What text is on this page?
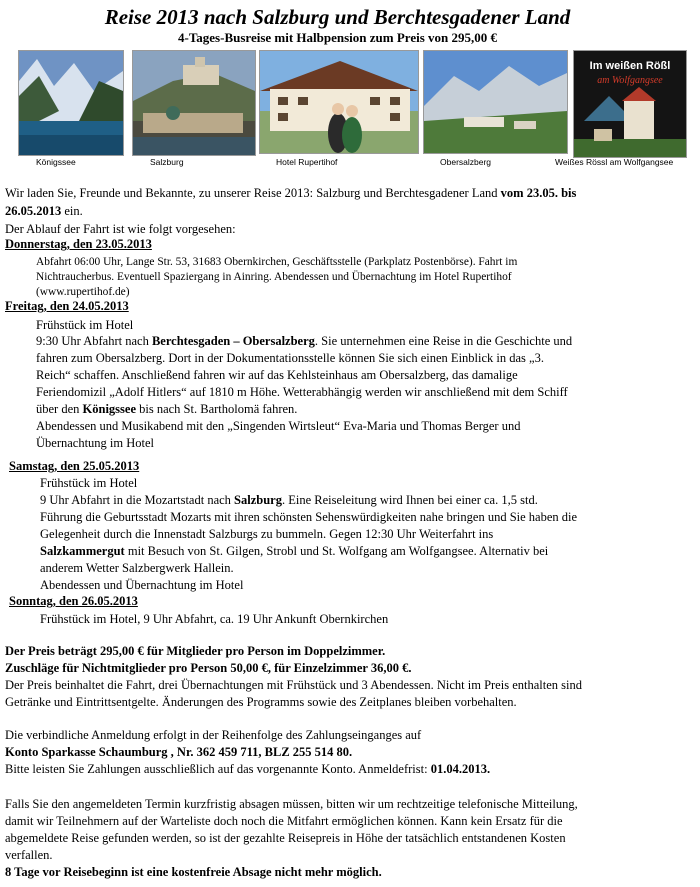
Reise 2013 nach Salzburg und Berchtesgadener Land
4-Tages-Busreise mit Halbpension zum Preis von 295,00 €
Im weißen Rößl
am Wolfgangsee
Königssee	Salzburg	Hotel Rupertihof	Obersalzberg	Weißes Rössl am Wolfgangsee
Wir laden Sie, Freunde und Bekannte, zu unserer Reise 2013: Salzburg und Berchtesgadener Land vom 23.05. bis
26.05.2013 ein.
Der Ablauf der Fahrt ist wie folgt vorgesehen:
Donnerstag, den 23.05.2013
Abfahrt 06:00 Uhr, Lange Str. 53, 31683 Obernkirchen, Geschäftsstelle (Parkplatz Postenbörse). Fahrt im
Nichtraucherbus. Eventuell Spaziergang in Ainring. Abendessen und Übernachtung im Hotel Rupertihof
(www.rupertihof.de)
Freitag, den 24.05.2013
Frühstück im Hotel
9:30 Uhr Abfahrt nach Berchtesgaden – Obersalzberg. Sie unternehmen eine Reise in die Geschichte und
fahren zum Obersalzberg. Dort in der Dokumentationsstelle können Sie sich einen Einblick in das „3.
Reich“ schaffen. Anschließend fahren wir auf das Kehlsteinhaus am Obersalzberg, das damalige
Feriendomizil „Adolf Hitlers“ auf 1810 m Höhe. Wetterabhängig werden wir anschließend mit dem Schiff
über den Königssee bis nach St. Bartholomä fahren.
Abendessen und Musikabend mit den „Singenden Wirtsleut“ Eva-Maria und Thomas Berger und
Übernachtung im Hotel
Samstag, den 25.05.2013
Frühstück im Hotel
9 Uhr Abfahrt in die Mozartstadt nach Salzburg. Eine Reiseleitung wird Ihnen bei einer ca. 1,5 std.
Führung die Geburtsstadt Mozarts mit ihren schönsten Sehenswürdigkeiten nahe bringen und Sie haben die
Gelegenheit durch die Innenstadt Salzburgs zu bummeln. Gegen 12:30 Uhr Weiterfahrt ins
Salzkammergut mit Besuch von St. Gilgen, Strobl und St. Wolfgang am Wolfgangsee. Alternativ bei
anderem Wetter Salzbergwerk Hallein.
Abendessen und Übernachtung im Hotel
Sonntag, den 26.05.2013
Frühstück im Hotel, 9 Uhr Abfahrt, ca. 19 Uhr Ankunft Obernkirchen
Der Preis beträgt 295,00 € für Mitglieder pro Person im Doppelzimmer.
Zuschläge für Nichtmitglieder pro Person 50,00 €, für Einzelzimmer 36,00 €.
Der Preis beinhaltet die Fahrt, drei Übernachtungen mit Frühstück und 3 Abendessen. Nicht im Preis enthalten sind
Getränke und Eintrittsentgelte. Änderungen des Programms sowie des Zeitplanes bleiben vorbehalten.
Die verbindliche Anmeldung erfolgt in der Reihenfolge des Zahlungseinganges auf
Konto Sparkasse Schaumburg , Nr. 362 459 711, BLZ 255 514 80.
Bitte leisten Sie Zahlungen ausschließlich auf das vorgenannte Konto. Anmeldefrist: 01.04.2013.
Falls Sie den angemeldeten Termin kurzfristig absagen müssen, bitten wir um rechtzeitige telefonische Mitteilung,
damit wir Teilnehmern auf der Warteliste doch noch die Mitfahrt ermöglichen können. Kann kein Ersatz für die
abgemeldete Reise gefunden werden, so ist der gezahlte Reisepreis in Höhe der tatsächlich entstandenen Kosten
verfallen.
8 Tage vor Reisebeginn ist eine kostenfreie Absage nicht mehr möglich.
